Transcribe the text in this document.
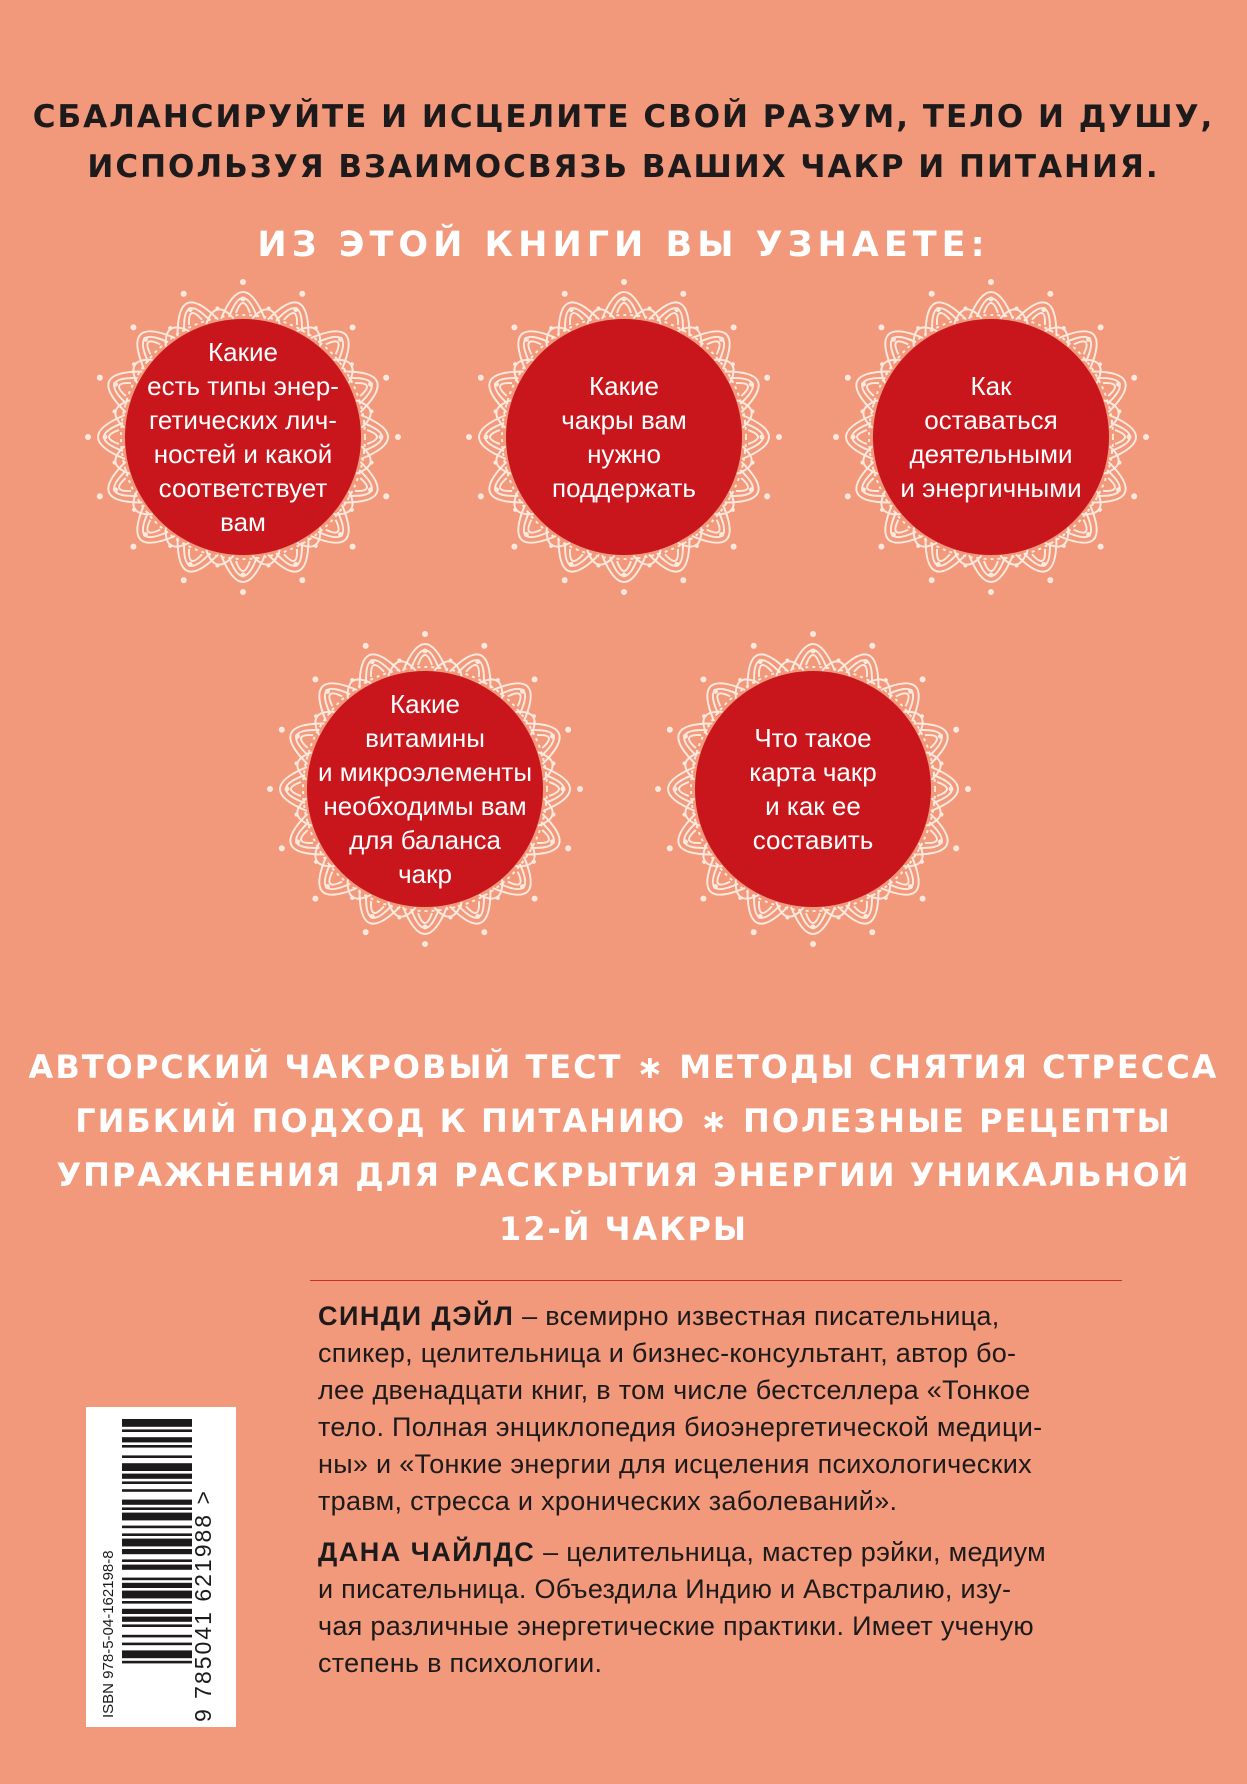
СБАЛАНСИРУЙТЕ И ИСЦЕЛИТЕ СВОЙ РАЗУМ, ТЕЛО И ДУШУ,
ИСПОЛЬЗУЯ ВЗАИМОСВЯЗЬ ВАШИХ ЧАКР И ПИТАНИЯ.
ИЗ ЭТОЙ КНИГИ ВЫ УЗНАЕТЕ:
Какие
есть типы энер-
гетических лич-
ностей и какой
соответствует
вам
Какие
чакры вам
нужно
поддержать
Как
оставаться
деятельными
и энергичными
Какие
витамины
и микроэлементы
необходимы вам
для баланса
чакр
Что такое
карта чакр
и как ее
составить
АВТОРСКИЙ ЧАКРОВЫЙ ТЕСТ ∗ МЕТОДЫ СНЯТИЯ СТРЕССА
ГИБКИЙ ПОДХОД К ПИТАНИЮ ∗ ПОЛЕЗНЫЕ РЕЦЕПТЫ
УПРАЖНЕНИЯ ДЛЯ РАСКРЫТИЯ ЭНЕРГИИ УНИКАЛЬНОЙ
12-Й ЧАКРЫ

СИНДИ ДЭЙЛ – всемирно известная писательница,
спикер, целительница и бизнес-консультант, автор бо-
лее двенадцати книг, в том числе бестселлера «Тонкое
тело. Полная энциклопедия биоэнергетической медици-
ны» и «Тонкие энергии для исцеления психологических
травм, стресса и хронических заболеваний».

ДАНА ЧАЙЛДС – целительница, мастер рэйки, медиум
и писательница. Объездила Индию и Австралию, изу-
чая различные энергетические практики. Имеет ученую
степень в психологии.

ISBN 978-5-04-162198-8	9 785041 621988 >
